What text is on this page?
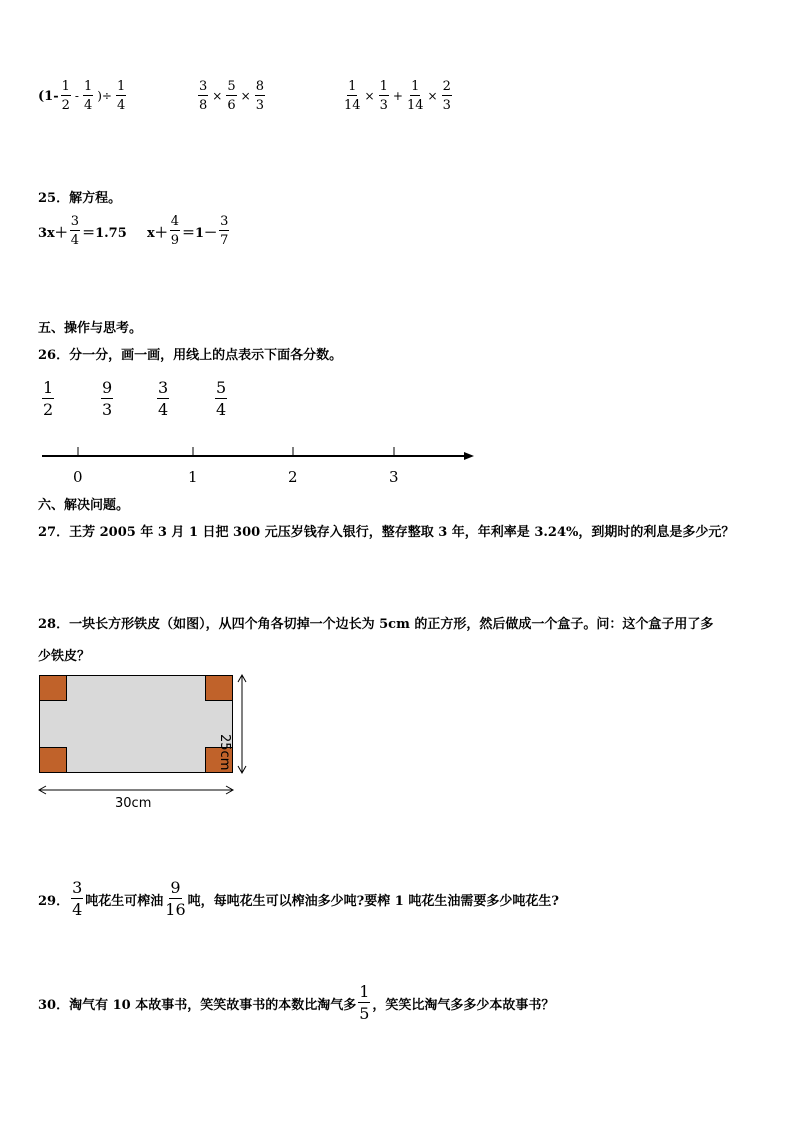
($1- \frac{1}{2} - \frac{1}{4}$ )÷ $\frac{1}{4}$	$\frac{3}{8} \times \frac{5}{6} \times \frac{8}{3}$	$\frac{1}{14} \times \frac{1}{3} + \frac{1}{14} \times \frac{2}{3}$
25．解方程。
$3x+ \frac{3}{4} =1.75$ $x+ \frac{4}{9} =1- \frac{3}{7}$
五、操作与思考。
26．分一分，画一画，用线上的点表示下面各分数。
$\frac{1}{2}$	$\frac{9}{3}$	$\frac{3}{4}$	$\frac{5}{4}$
0	1	2	3
六、解决问题。
27．王芳 2005 年 3 月 1 日把 300 元压岁钱存入银行，整存整取 3 年，年利率是 3.24%，到期时的利息是多少元？
28．一块长方形铁皮（如图），从四个角各切掉一个边长为 5cm 的正方形，然后做成一个盒子。问：这个盒子用了多
少铁皮？
25cm
30cm
29． $\frac{3}{4}$ 吨花生可榨油 $\frac{9}{16}$ 吨，每吨花生可以榨油多少吨?要榨 1 吨花生油需要多少吨花生?
30．淘气有 10 本故事书，笑笑故事书的本数比淘气多 $\frac{1}{5}$ ，笑笑比淘气多多少本故事书？
